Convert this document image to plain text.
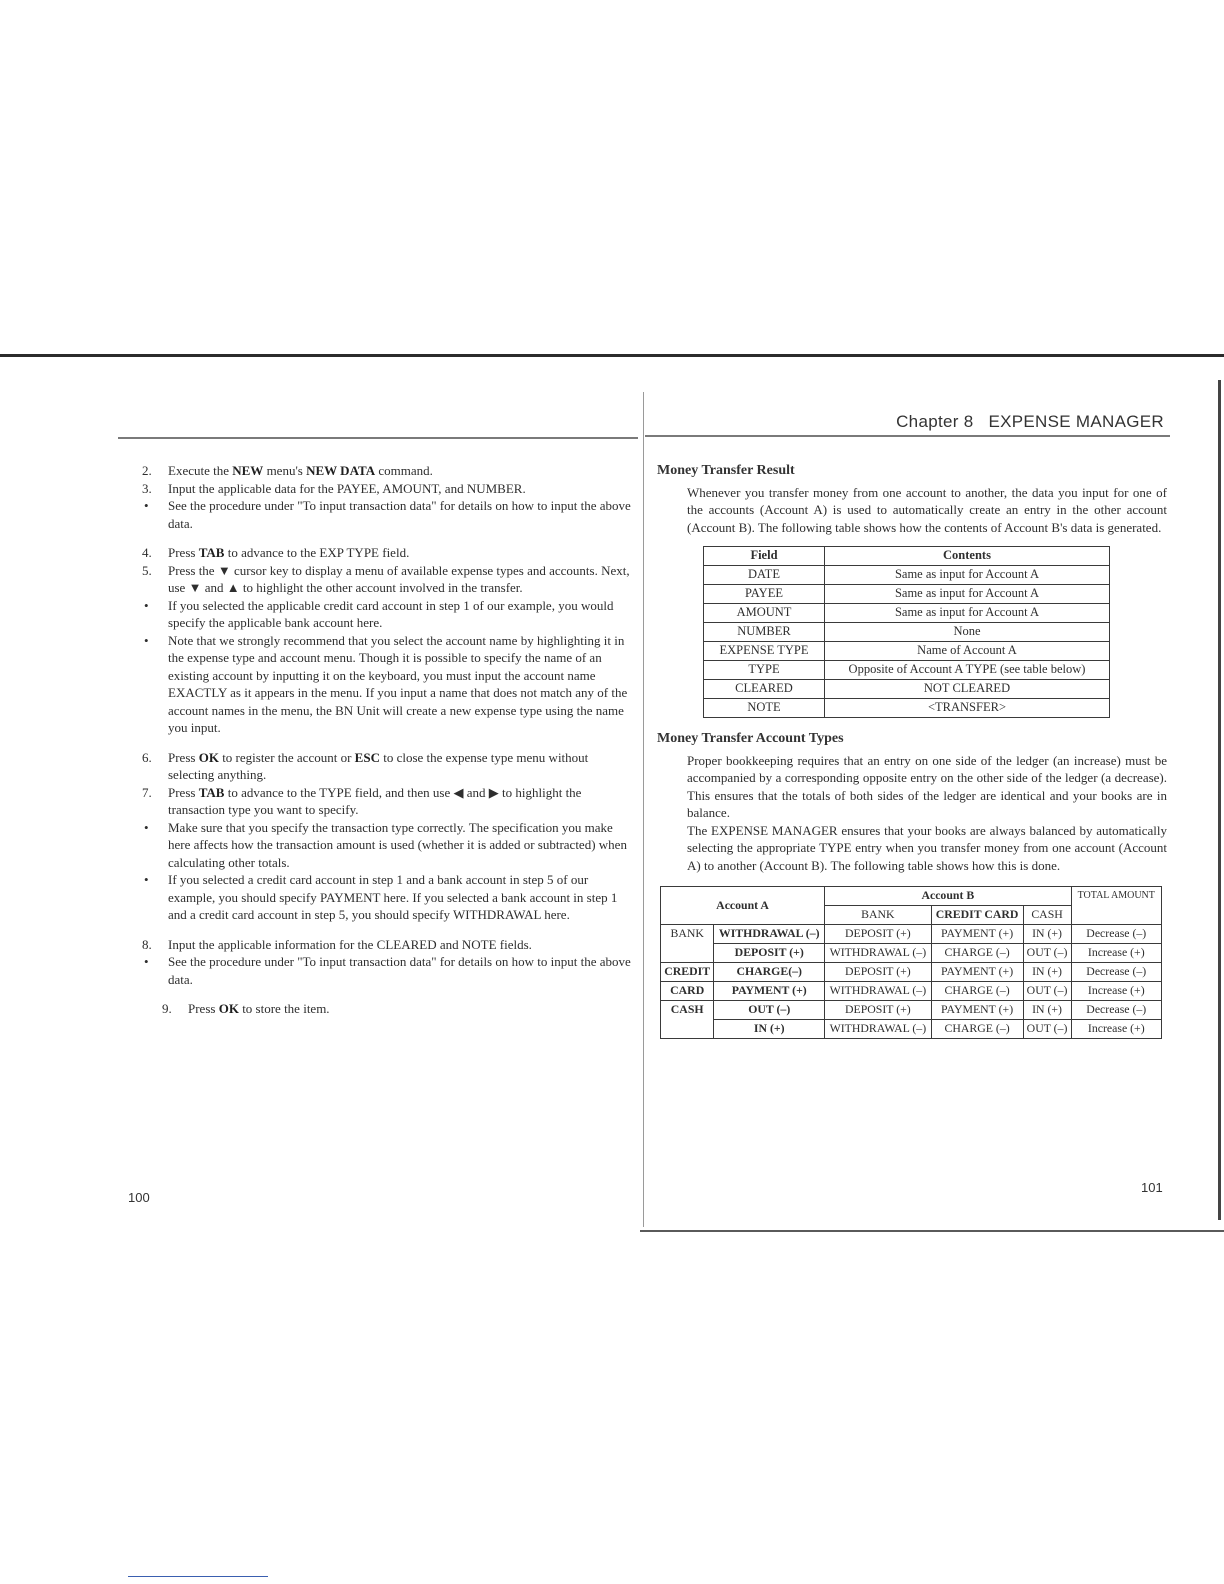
Chapter 8 EXPENSE MANAGER

2. Execute the NEW menu's NEW DATA command.

3. Input the applicable data for the PAYEE, AMOUNT, and NUMBER.

• See the procedure under "To input transaction data" for details on how to input the above data.

4. Press TAB to advance to the EXP TYPE field.

5. Press the ▼ cursor key to display a menu of available expense types and accounts. Next, use ▼ and ▲ to highlight the other account involved in the transfer.

• If you selected the applicable credit card account in step 1 of our example, you would specify the applicable bank account here.

• Note that we strongly recommend that you select the account name by highlighting it in the expense type and account menu. Though it is possible to specify the name of an existing account by inputting it on the keyboard, you must input the account name EXACTLY as it appears in the menu. If you input a name that does not match any of the account names in the menu, the BN Unit will create a new expense type using the name you input.

6. Press OK to register the account or ESC to close the expense type menu without selecting anything.

7. Press TAB to advance to the TYPE field, and then use ◀ and ▶ to highlight the transaction type you want to specify.

• Make sure that you specify the transaction type correctly. The specification you make here affects how the transaction amount is used (whether it is added or subtracted) when calculating other totals.

• If you selected a credit card account in step 1 and a bank account in step 5 of our example, you should specify PAYMENT here. If you selected a bank account in step 1 and a credit card account in step 5, you should specify WITHDRAWAL here.

8. Input the applicable information for the CLEARED and NOTE fields.

• See the procedure under "To input transaction data" for details on how to input the above data.

9. Press OK to store the item.

100
101

Money Transfer Result

Whenever you transfer money from one account to another, the data you input for one of the accounts (Account A) is used to automatically create an entry in the other account (Account B). The following table shows how the contents of Account B's data is generated.

Field	Contents
DATE	Same as input for Account A
PAYEE	Same as input for Account A
AMOUNT	Same as input for Account A
NUMBER	None
EXPENSE TYPE	Name of Account A
TYPE	Opposite of Account A TYPE (see table below)
CLEARED	NOT CLEARED
NOTE	<TRANSFER>

Money Transfer Account Types

Proper bookkeeping requires that an entry on one side of the ledger (an increase) must be accompanied by a corresponding opposite entry on the other side of the ledger (a decrease). This ensures that the totals of both sides of the ledger are identical and your books are in balance.

The EXPENSE MANAGER ensures that your books are always balanced by automatically selecting the appropriate TYPE entry when you transfer money from one account (Account A) to another (Account B). The following table shows how this is done.

Account A		Account B			TOTAL AMOUNT
		BANK	CREDIT CARD	CASH	
BANK	WITHDRAWAL (–)	DEPOSIT (+)	PAYMENT (+)	IN (+)	Decrease (–)
	DEPOSIT (+)	WITHDRAWAL (–)	CHARGE (–)	OUT (–)	Increase (+)
CREDIT	CHARGE(–)	DEPOSIT (+)	PAYMENT (+)	IN (+)	Decrease (–)
CARD	PAYMENT (+)	WITHDRAWAL (–)	CHARGE (–)	OUT (–)	Increase (+)
CASH	OUT (–)	DEPOSIT (+)	PAYMENT (+)	IN (+)	Decrease (–)
	IN (+)	WITHDRAWAL (–)	CHARGE (–)	OUT (–)	Increase (+)
